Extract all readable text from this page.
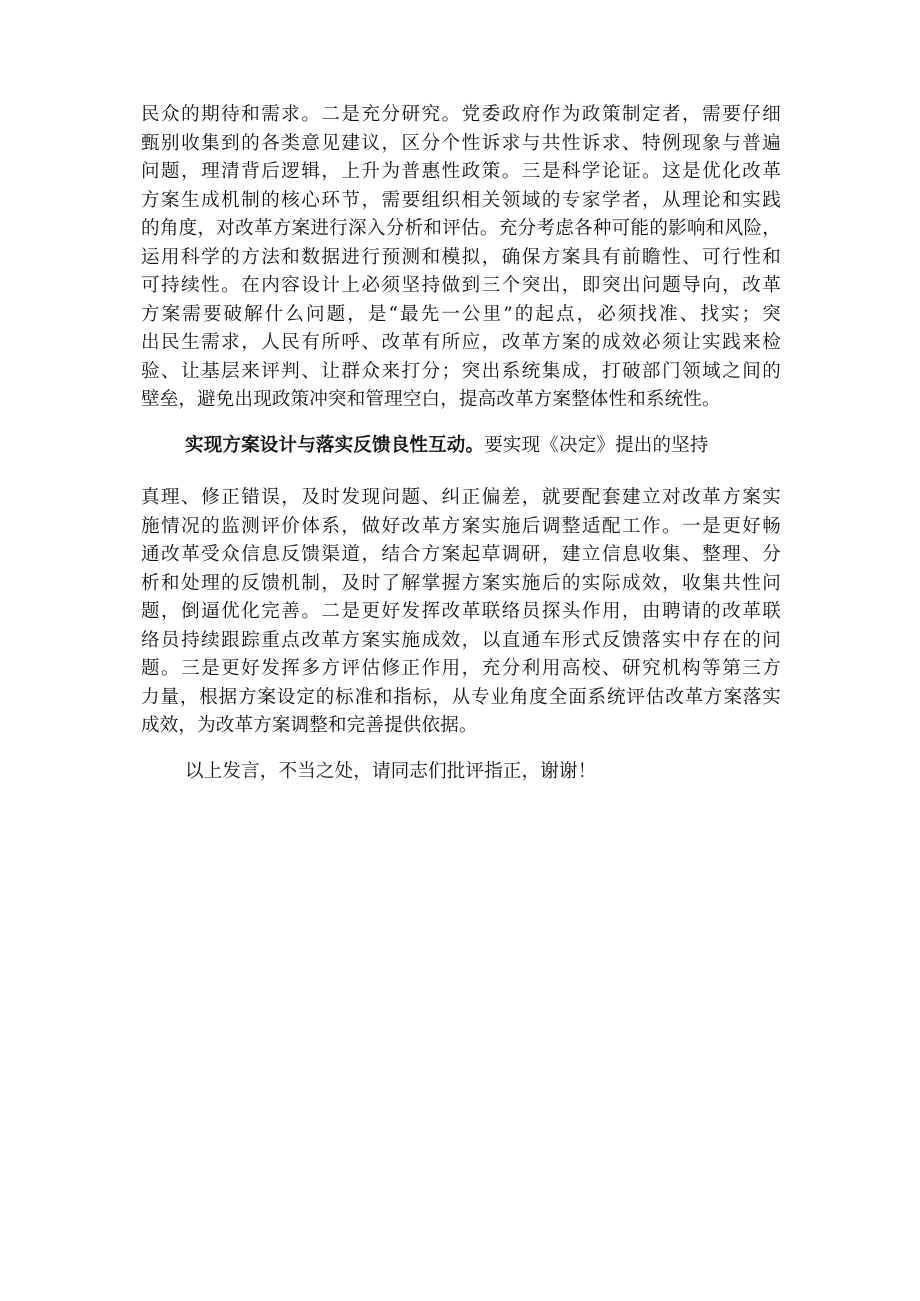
民众的期待和需求。二是充分研究。党委政府作为政策制定者，需要仔细
甄别收集到的各类意见建议，区分个性诉求与共性诉求、特例现象与普遍
问题，理清背后逻辑，上升为普惠性政策。三是科学论证。这是优化改革
方案生成机制的核心环节，需要组织相关领域的专家学者，从理论和实践
的角度，对改革方案进行深入分析和评估。充分考虑各种可能的影响和风险，
运用科学的方法和数据进行预测和模拟，确保方案具有前瞻性、可行性和
可持续性。在内容设计上必须坚持做到三个突出，即突出问题导向，改革
方案需要破解什么问题，是“最先一公里”的起点，必须找准、找实；突
出民生需求，人民有所呼、改革有所应，改革方案的成效必须让实践来检
验、让基层来评判、让群众来打分；突出系统集成，打破部门领域之间的
壁垒，避免出现政策冲突和管理空白，提高改革方案整体性和系统性。
实现方案设计与落实反馈良性互动。要实现《决定》提出的坚持
真理、修正错误，及时发现问题、纠正偏差，就要配套建立对改革方案实
施情况的监测评价体系，做好改革方案实施后调整适配工作。一是更好畅
通改革受众信息反馈渠道，结合方案起草调研，建立信息收集、整理、分
析和处理的反馈机制，及时了解掌握方案实施后的实际成效，收集共性问
题，倒逼优化完善。二是更好发挥改革联络员探头作用，由聘请的改革联
络员持续跟踪重点改革方案实施成效，以直通车形式反馈落实中存在的问
题。三是更好发挥多方评估修正作用，充分利用高校、研究机构等第三方
力量，根据方案设定的标准和指标，从专业角度全面系统评估改革方案落实
成效，为改革方案调整和完善提供依据。
以上发言，不当之处，请同志们批评指正，谢谢！
